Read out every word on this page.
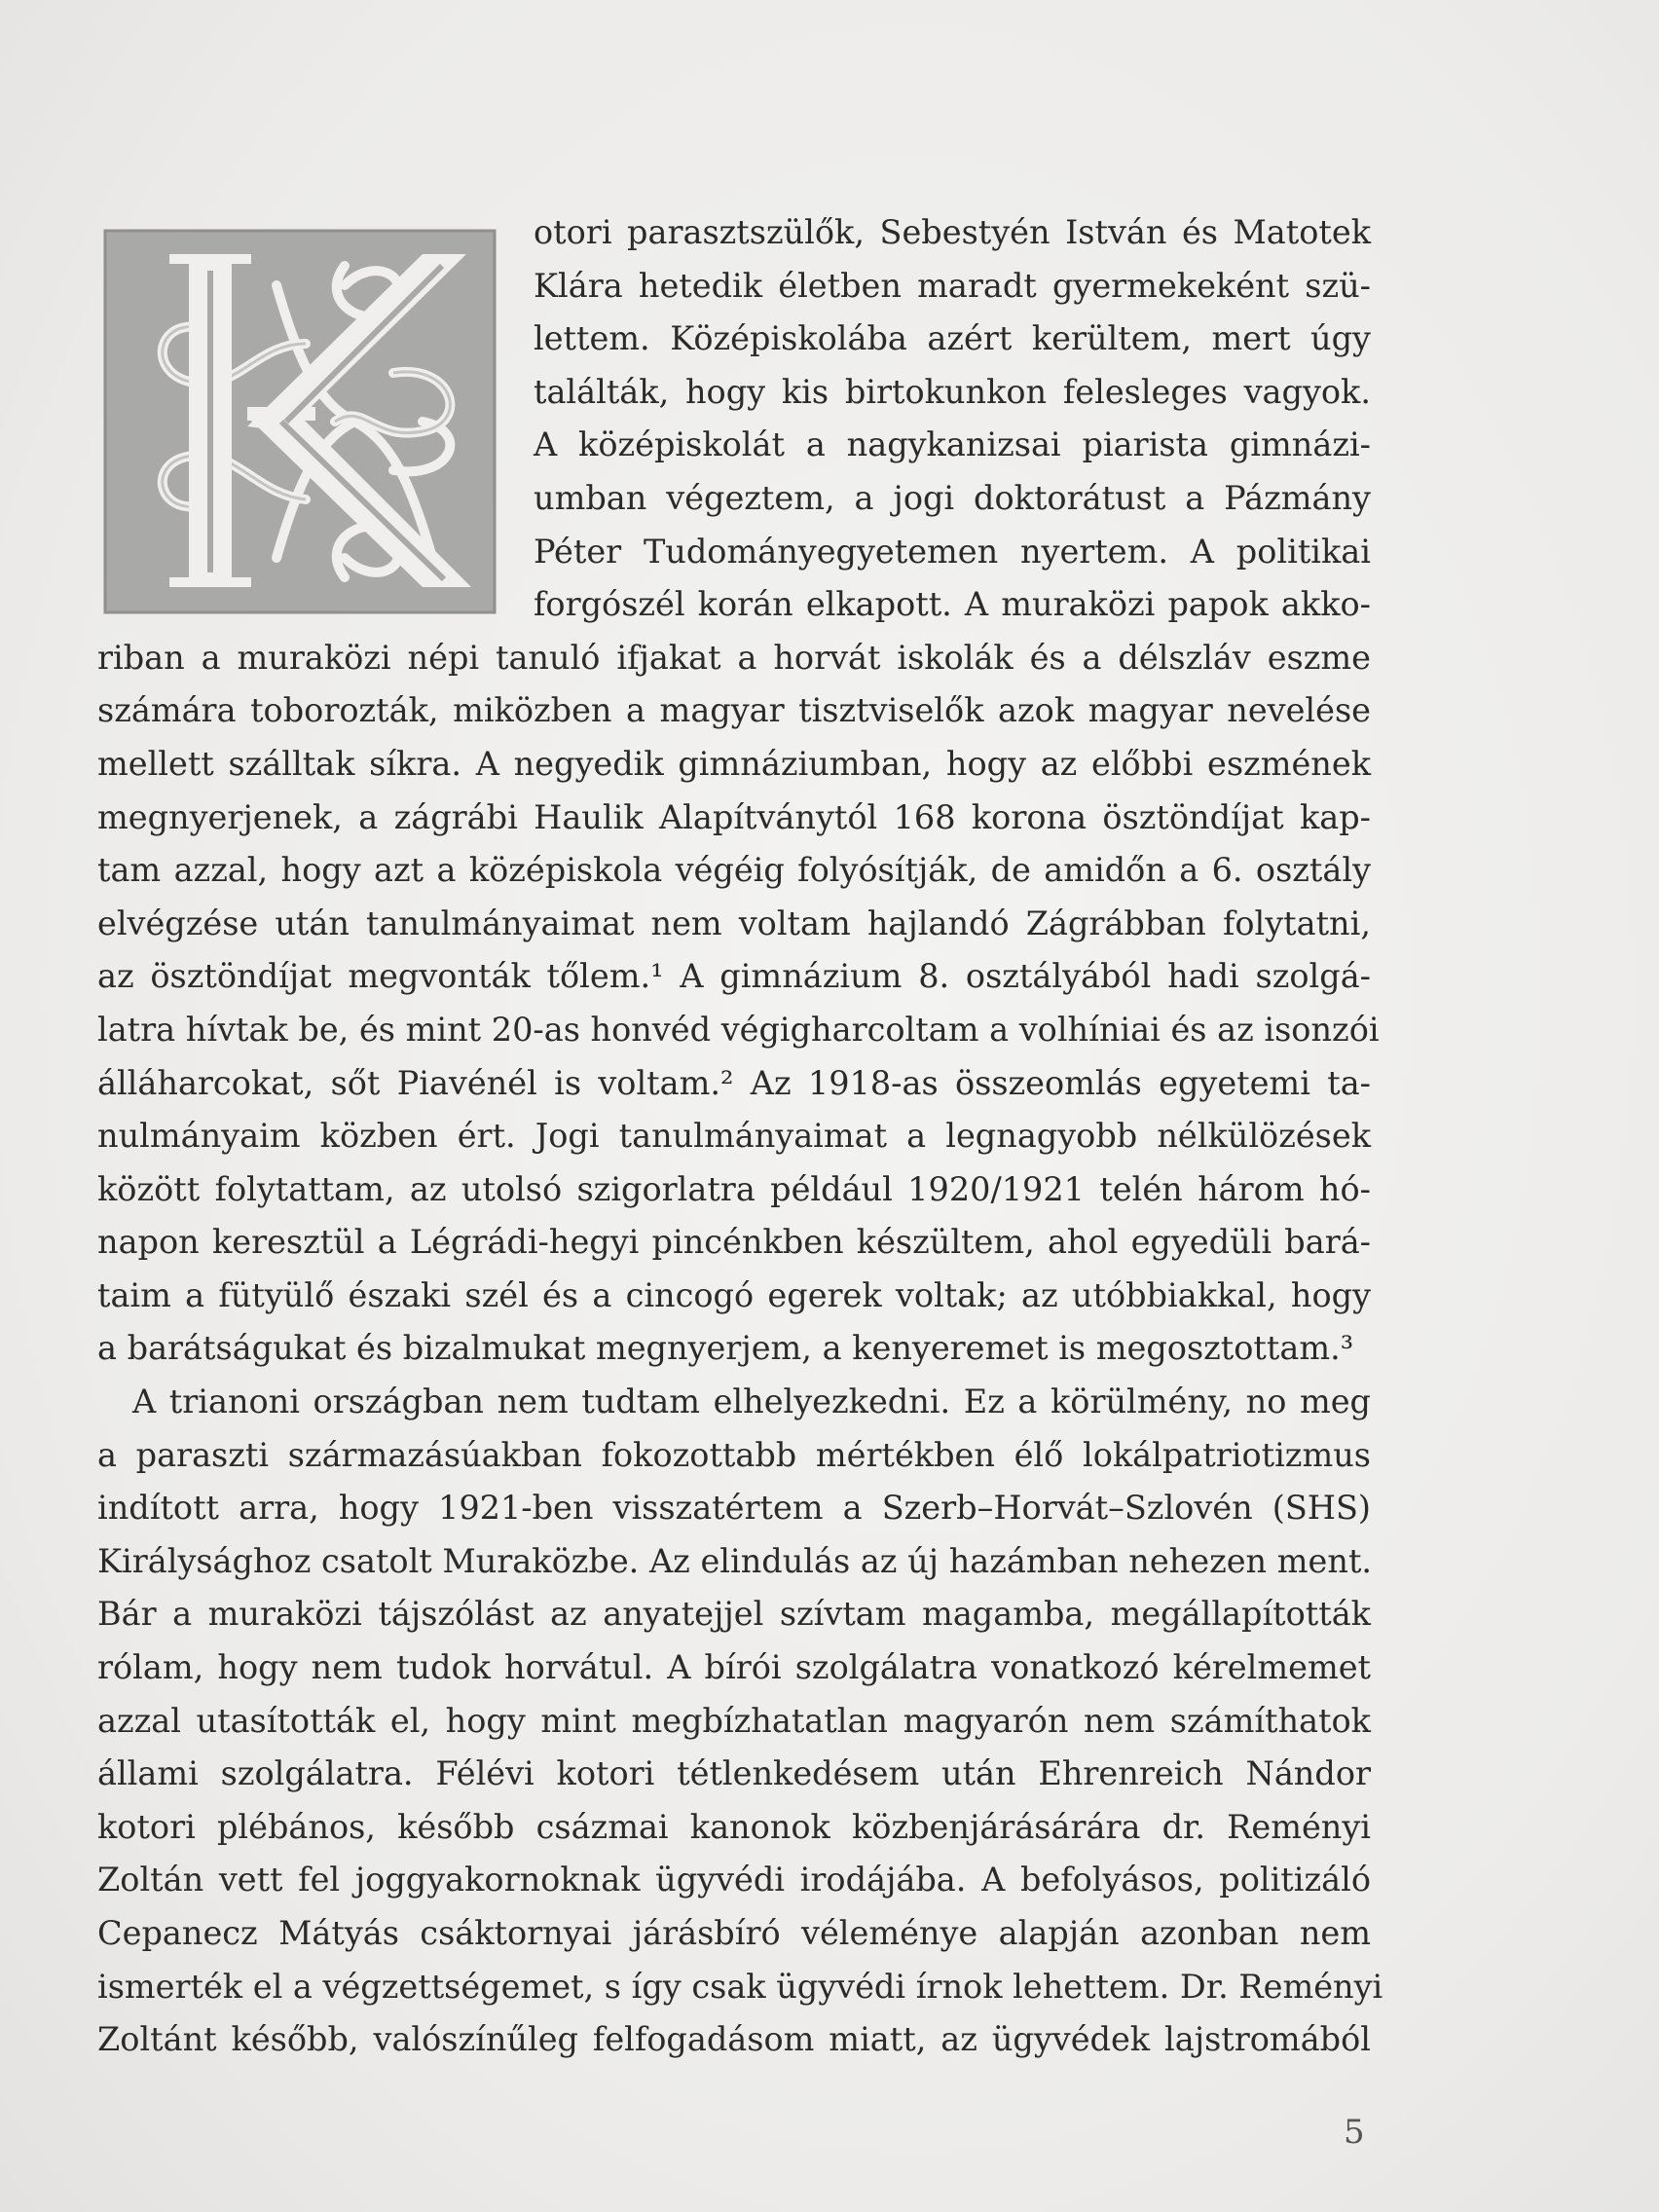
otori parasztszülők, Sebestyén István és Matotek
Klára hetedik életben maradt gyermekeként szü-
lettem. Középiskolába azért kerültem, mert úgy
találták, hogy kis birtokunkon felesleges vagyok.
A középiskolát a nagykanizsai piarista gimnázi-
umban végeztem, a jogi doktorátust a Pázmány
Péter Tudományegyetemen nyertem. A politikai
forgószél korán elkapott. A muraközi papok akko-
riban a muraközi népi tanuló ifjakat a horvát iskolák és a délszláv eszme
számára toborozták, miközben a magyar tisztviselők azok magyar nevelése
mellett szálltak síkra. A negyedik gimnáziumban, hogy az előbbi eszmének
megnyerjenek, a zágrábi Haulik Alapítványtól 168 korona ösztöndíjat kap-
tam azzal, hogy azt a középiskola végéig folyósítják, de amidőn a 6. osztály
elvégzése után tanulmányaimat nem voltam hajlandó Zágrábban folytatni,
az ösztöndíjat megvonták tőlem.¹ A gimnázium 8. osztályából hadi szolgá-
latra hívtak be, és mint 20-as honvéd végigharcoltam a volhíniai és az isonzói
álláharcokat, sőt Piavénél is voltam.² Az 1918-as összeomlás egyetemi ta-
nulmányaim közben ért. Jogi tanulmányaimat a legnagyobb nélkülözések
között folytattam, az utolsó szigorlatra például 1920/1921 telén három hó-
napon keresztül a Légrádi-hegyi pincénkben készültem, ahol egyedüli bará-
taim a fütyülő északi szél és a cincogó egerek voltak; az utóbbiakkal, hogy
a barátságukat és bizalmukat megnyerjem, a kenyeremet is megosztottam.³
A trianoni országban nem tudtam elhelyezkedni. Ez a körülmény, no meg
a paraszti származásúakban fokozottabb mértékben élő lokálpatriotizmus
indított arra, hogy 1921-ben visszatértem a Szerb–Horvát–Szlovén (SHS)
Királysághoz csatolt Muraközbe. Az elindulás az új hazámban nehezen ment.
Bár a muraközi tájszólást az anyatejjel szívtam magamba, megállapították
rólam, hogy nem tudok horvátul. A bírói szolgálatra vonatkozó kérelmemet
azzal utasították el, hogy mint megbízhatatlan magyarón nem számíthatok
állami szolgálatra. Félévi kotori tétlenkedésem után Ehrenreich Nándor
kotori plébános, később csázmai kanonok közbenjárásárára dr. Reményi
Zoltán vett fel joggyakornoknak ügyvédi irodájába. A befolyásos, politizáló
Cepanecz Mátyás csáktornyai járásbíró véleménye alapján azonban nem
ismerték el a végzettségemet, s így csak ügyvédi írnok lehettem. Dr. Reményi
Zoltánt később, valószínűleg felfogadásom miatt, az ügyvédek lajstromából
5
